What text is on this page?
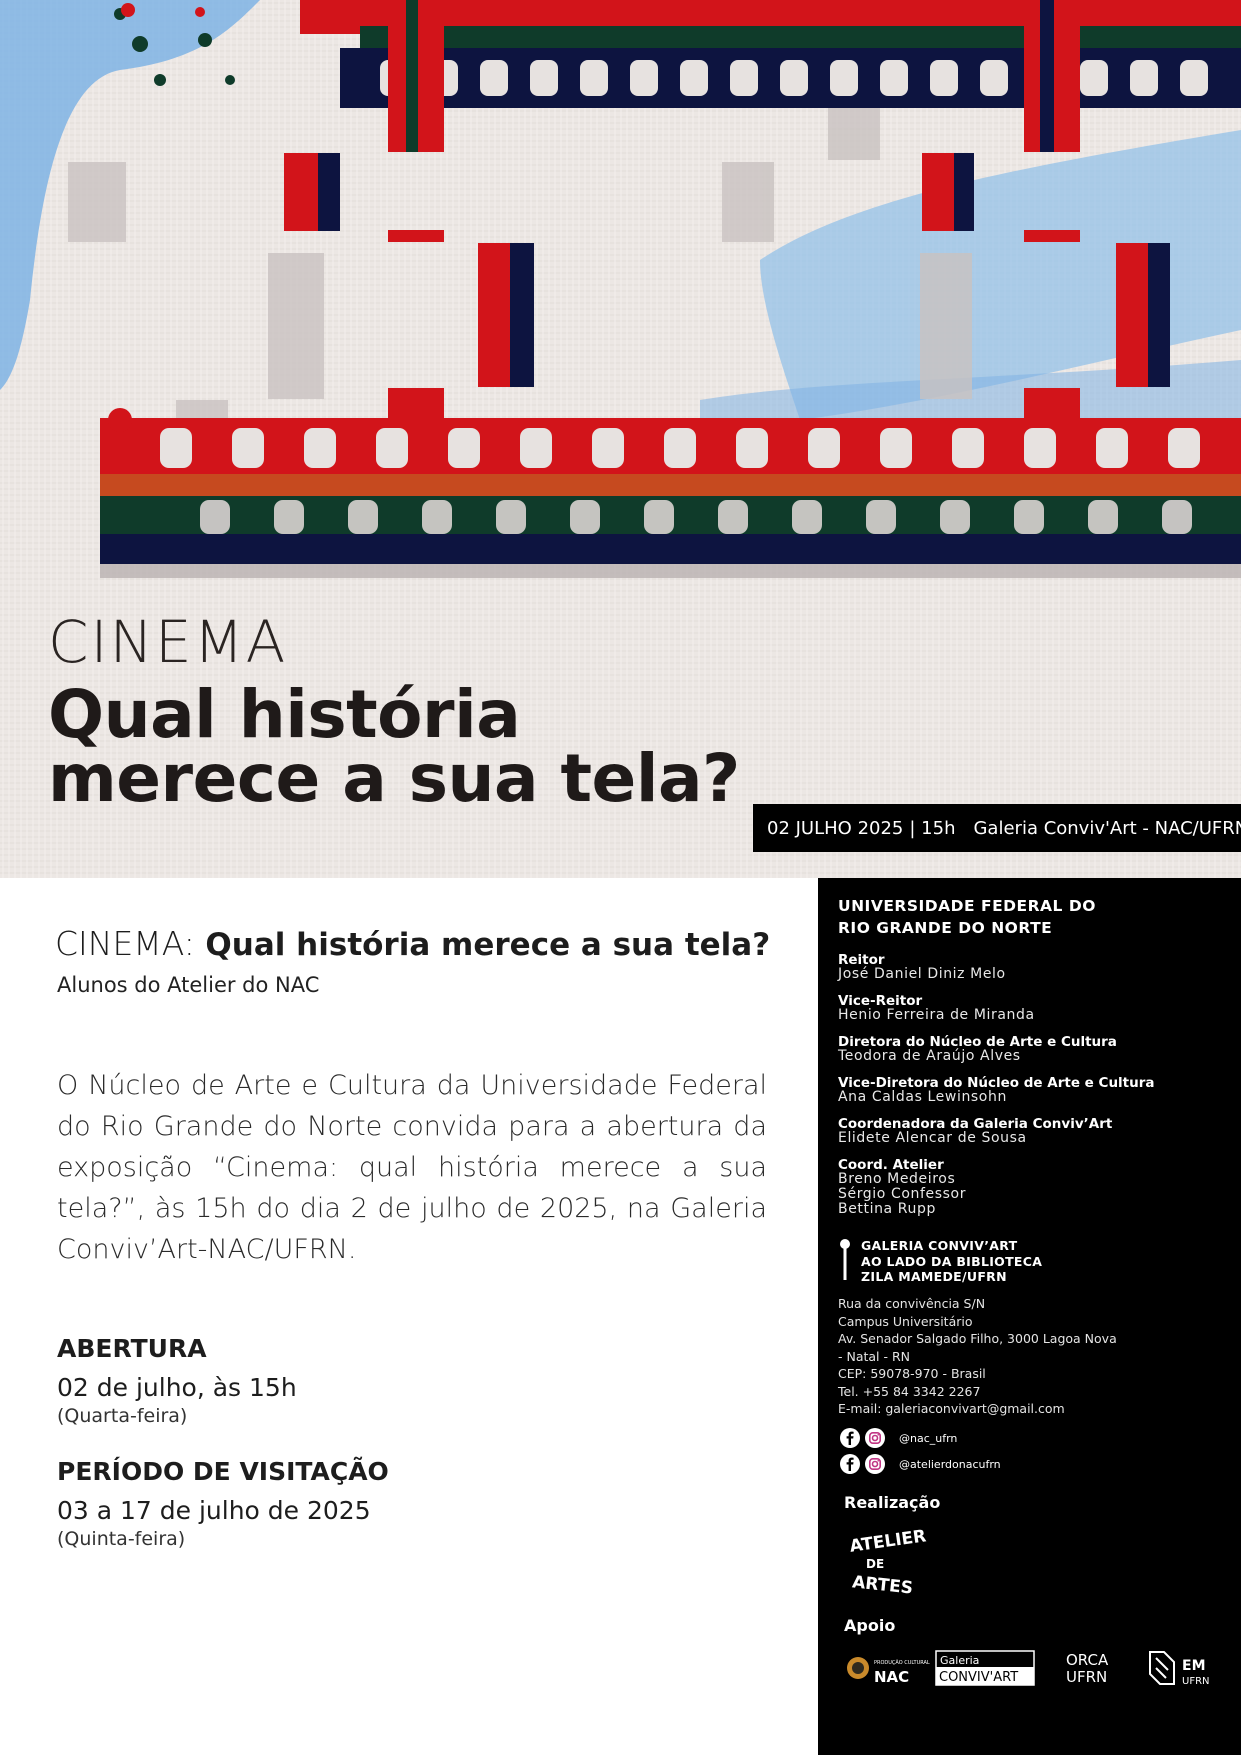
CINEMA
Qual história
merece a sua tela?
02 JULHO 2025 | 15h Galeria Conviv'Art - NAC/UFRN
CINEMA: Qual história merece a sua tela?
Alunos do Atelier do NAC
O Núcleo de Arte e Cultura da Universidade Federal do Rio Grande do Norte convida para a abertura da exposição “Cinema: qual história merece a sua tela?”, às 15h do dia 2 de julho de 2025, na Galeria Conviv’Art-NAC/UFRN.
ABERTURA
02 de julho, às 15h
(Quarta-feira)
PERÍODO DE VISITAÇÃO
03 a 17 de julho de 2025
(Quinta-feira)
UNIVERSIDADE FEDERAL DO
RIO GRANDE DO NORTE
Reitor
José Daniel Diniz Melo
Vice-Reitor
Henio Ferreira de Miranda
Diretora do Núcleo de Arte e Cultura
Teodora de Araújo Alves
Vice-Diretora do Núcleo de Arte e Cultura
Ana Caldas Lewinsohn
Coordenadora da Galeria Conviv’Art
Elidete Alencar de Sousa
Coord. Atelier
Breno Medeiros
Sérgio Confessor
Bettina Rupp
GALERIA CONVIV’ART
AO LADO DA BIBLIOTECA
ZILA MAMEDE/UFRN
Rua da convivência S/N
Campus Universitário
Av. Senador Salgado Filho, 3000 Lagoa Nova
- Natal - RN
CEP: 59078-970 - Brasil
Tel. +55 84 3342 2267
E-mail: galeriaconvivart@gmail.com
@nac_ufrn
@atelierdonacufrn
Realização
ATELIER
DE
ARTES
Apoio
PRODUÇÃO CULTURAL
NAC
Galeria
CONVIV'ART
ORCA
UFRN
EM
UFRN
